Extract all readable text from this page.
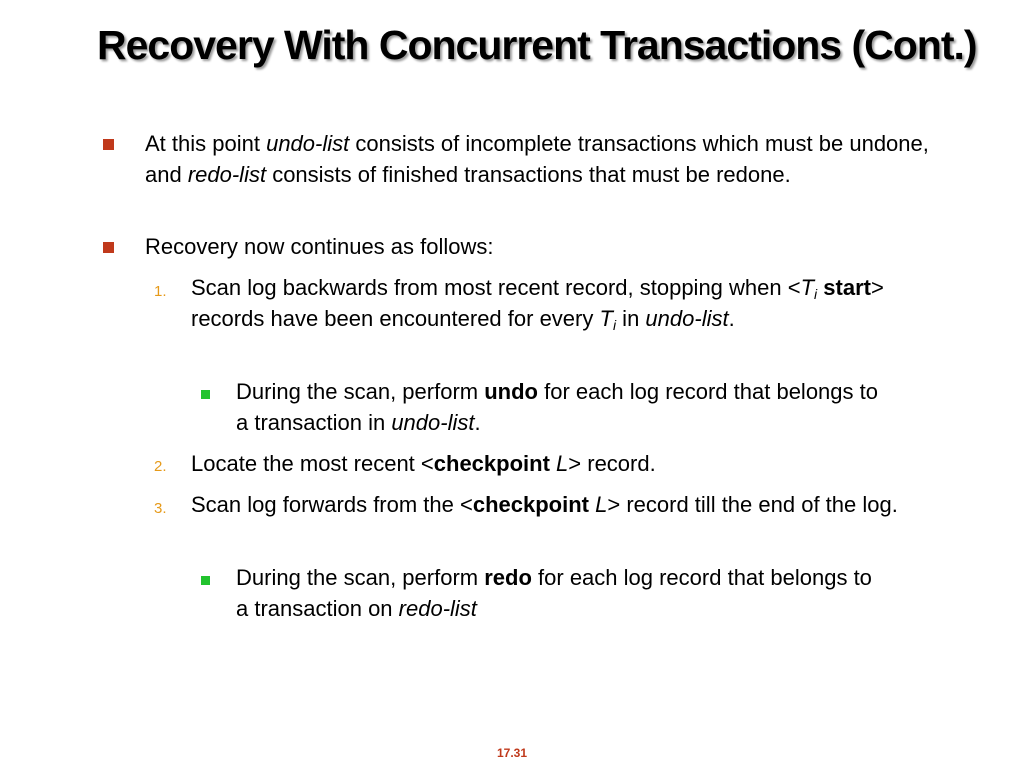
Recovery With Concurrent Transactions (Cont.)

At this point undo-list consists of incomplete transactions which must be undone, and redo-list consists of finished transactions that must be redone.

Recovery now continues as follows:

1. Scan log backwards from most recent record, stopping when $<T_i$ start> records have been encountered for every $T_i$ in undo-list.

During the scan, perform undo for each log record that belongs to a transaction in undo-list.

2. Locate the most recent <checkpoint L> record.

3. Scan log forwards from the <checkpoint L> record till the end of the log.

During the scan, perform redo for each log record that belongs to a transaction on redo-list

17.31
